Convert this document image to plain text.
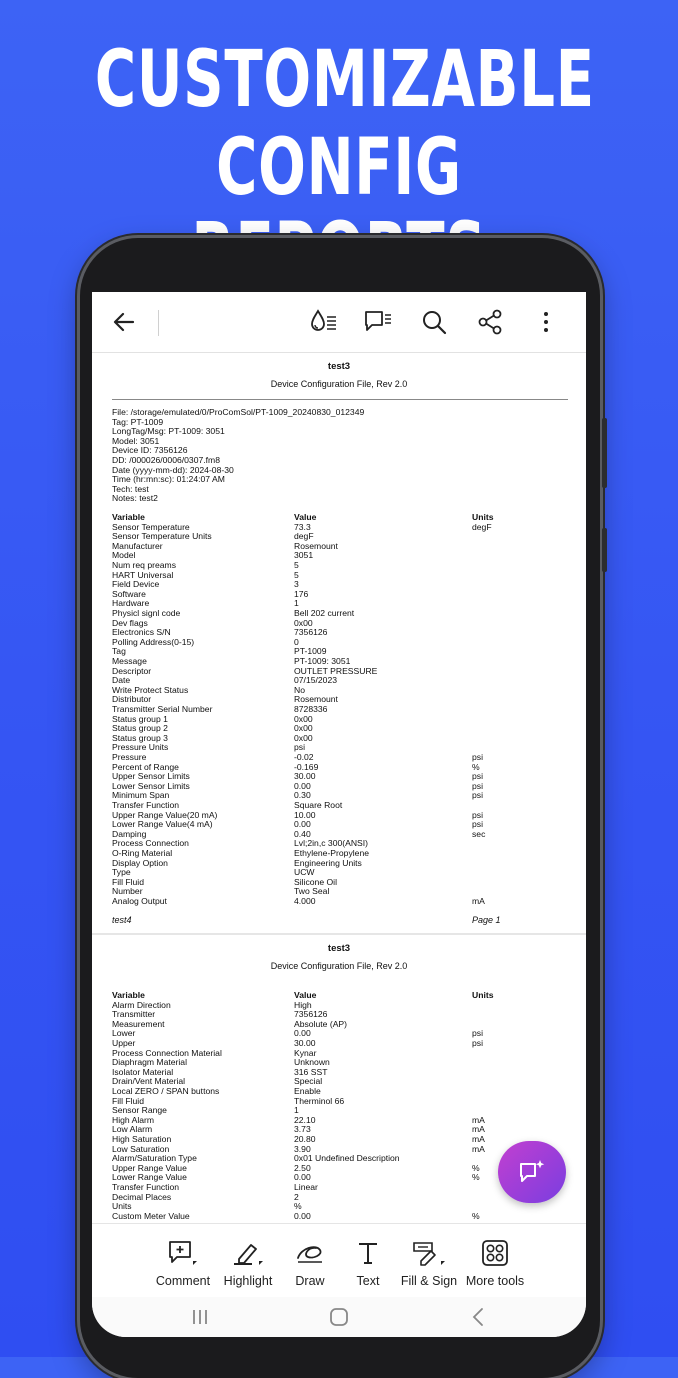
CUSTOMIZABLE
CONFIG
test3
Device Configuration File, Rev 2.0
File: /storage/emulated/0/ProComSol/PT-1009_20240830_012349
Tag: PT-1009
LongTag/Msg: PT-1009: 3051
Model: 3051
Device ID: 7356126
DD: /000026/0006/0307.fm8
Date (yyyy-mm-dd): 2024-08-30
Time (hr:mn:sc): 01:24:07 AM
Tech: test
Notes: test2
Variable	Value	Units
Sensor Temperature	73.3	degF
Sensor Temperature Units	degF
Manufacturer	Rosemount
Model	3051
Num req preams	5
HART Universal	5
Field Device	3
Software	176
Hardware	1
Physicl signl code	Bell 202 current
Dev flags	0x00
Electronics S/N	7356126
Polling Address(0-15)	0
Tag	PT-1009
Message	PT-1009: 3051
Descriptor	OUTLET PRESSURE
Date	07/15/2023
Write Protect Status	No
Distributor	Rosemount
Transmitter Serial Number	8728336
Status group 1	0x00
Status group 2	0x00
Status group 3	0x00
Pressure Units	psi
Pressure	-0.02	psi
Percent of Range	-0.169	%
Upper Sensor Limits	30.00	psi
Lower Sensor Limits	0.00	psi
Minimum Span	0.30	psi
Transfer Function	Square Root
Upper Range Value(20 mA)	10.00	psi
Lower Range Value(4 mA)	0.00	psi
Damping	0.40	sec
Process Connection	Lvl;2in,c 300(ANSI)
O-Ring Material	Ethylene-Propylene
Display Option	Engineering Units
Type	UCW
Fill Fluid	Silicone Oil
Number	Two Seal
Analog Output	4.000	mA
test4	Page 1
test3
Device Configuration File, Rev 2.0
Variable	Value	Units
Alarm Direction	High
Transmitter	7356126
Measurement	Absolute (AP)
Lower	0.00	psi
Upper	30.00	psi
Process Connection Material	Kynar
Diaphragm Material	Unknown
Isolator Material	316 SST
Drain/Vent Material	Special
Local ZERO / SPAN buttons	Enable
Fill Fluid	Therminol 66
Sensor Range	1
High Alarm	22.10	mA
Low Alarm	3.73	mA
High Saturation	20.80	mA
Low Saturation	3.90	mA
Alarm/Saturation Type	0x01 Undefined Description
Upper Range Value	2.50	%
Lower Range Value	0.00	%
Transfer Function	Linear
Decimal Places	2
Units	%
Custom Meter Value	0.00	%
Comment	Highlight	Draw	Text	Fill & Sign More tools
